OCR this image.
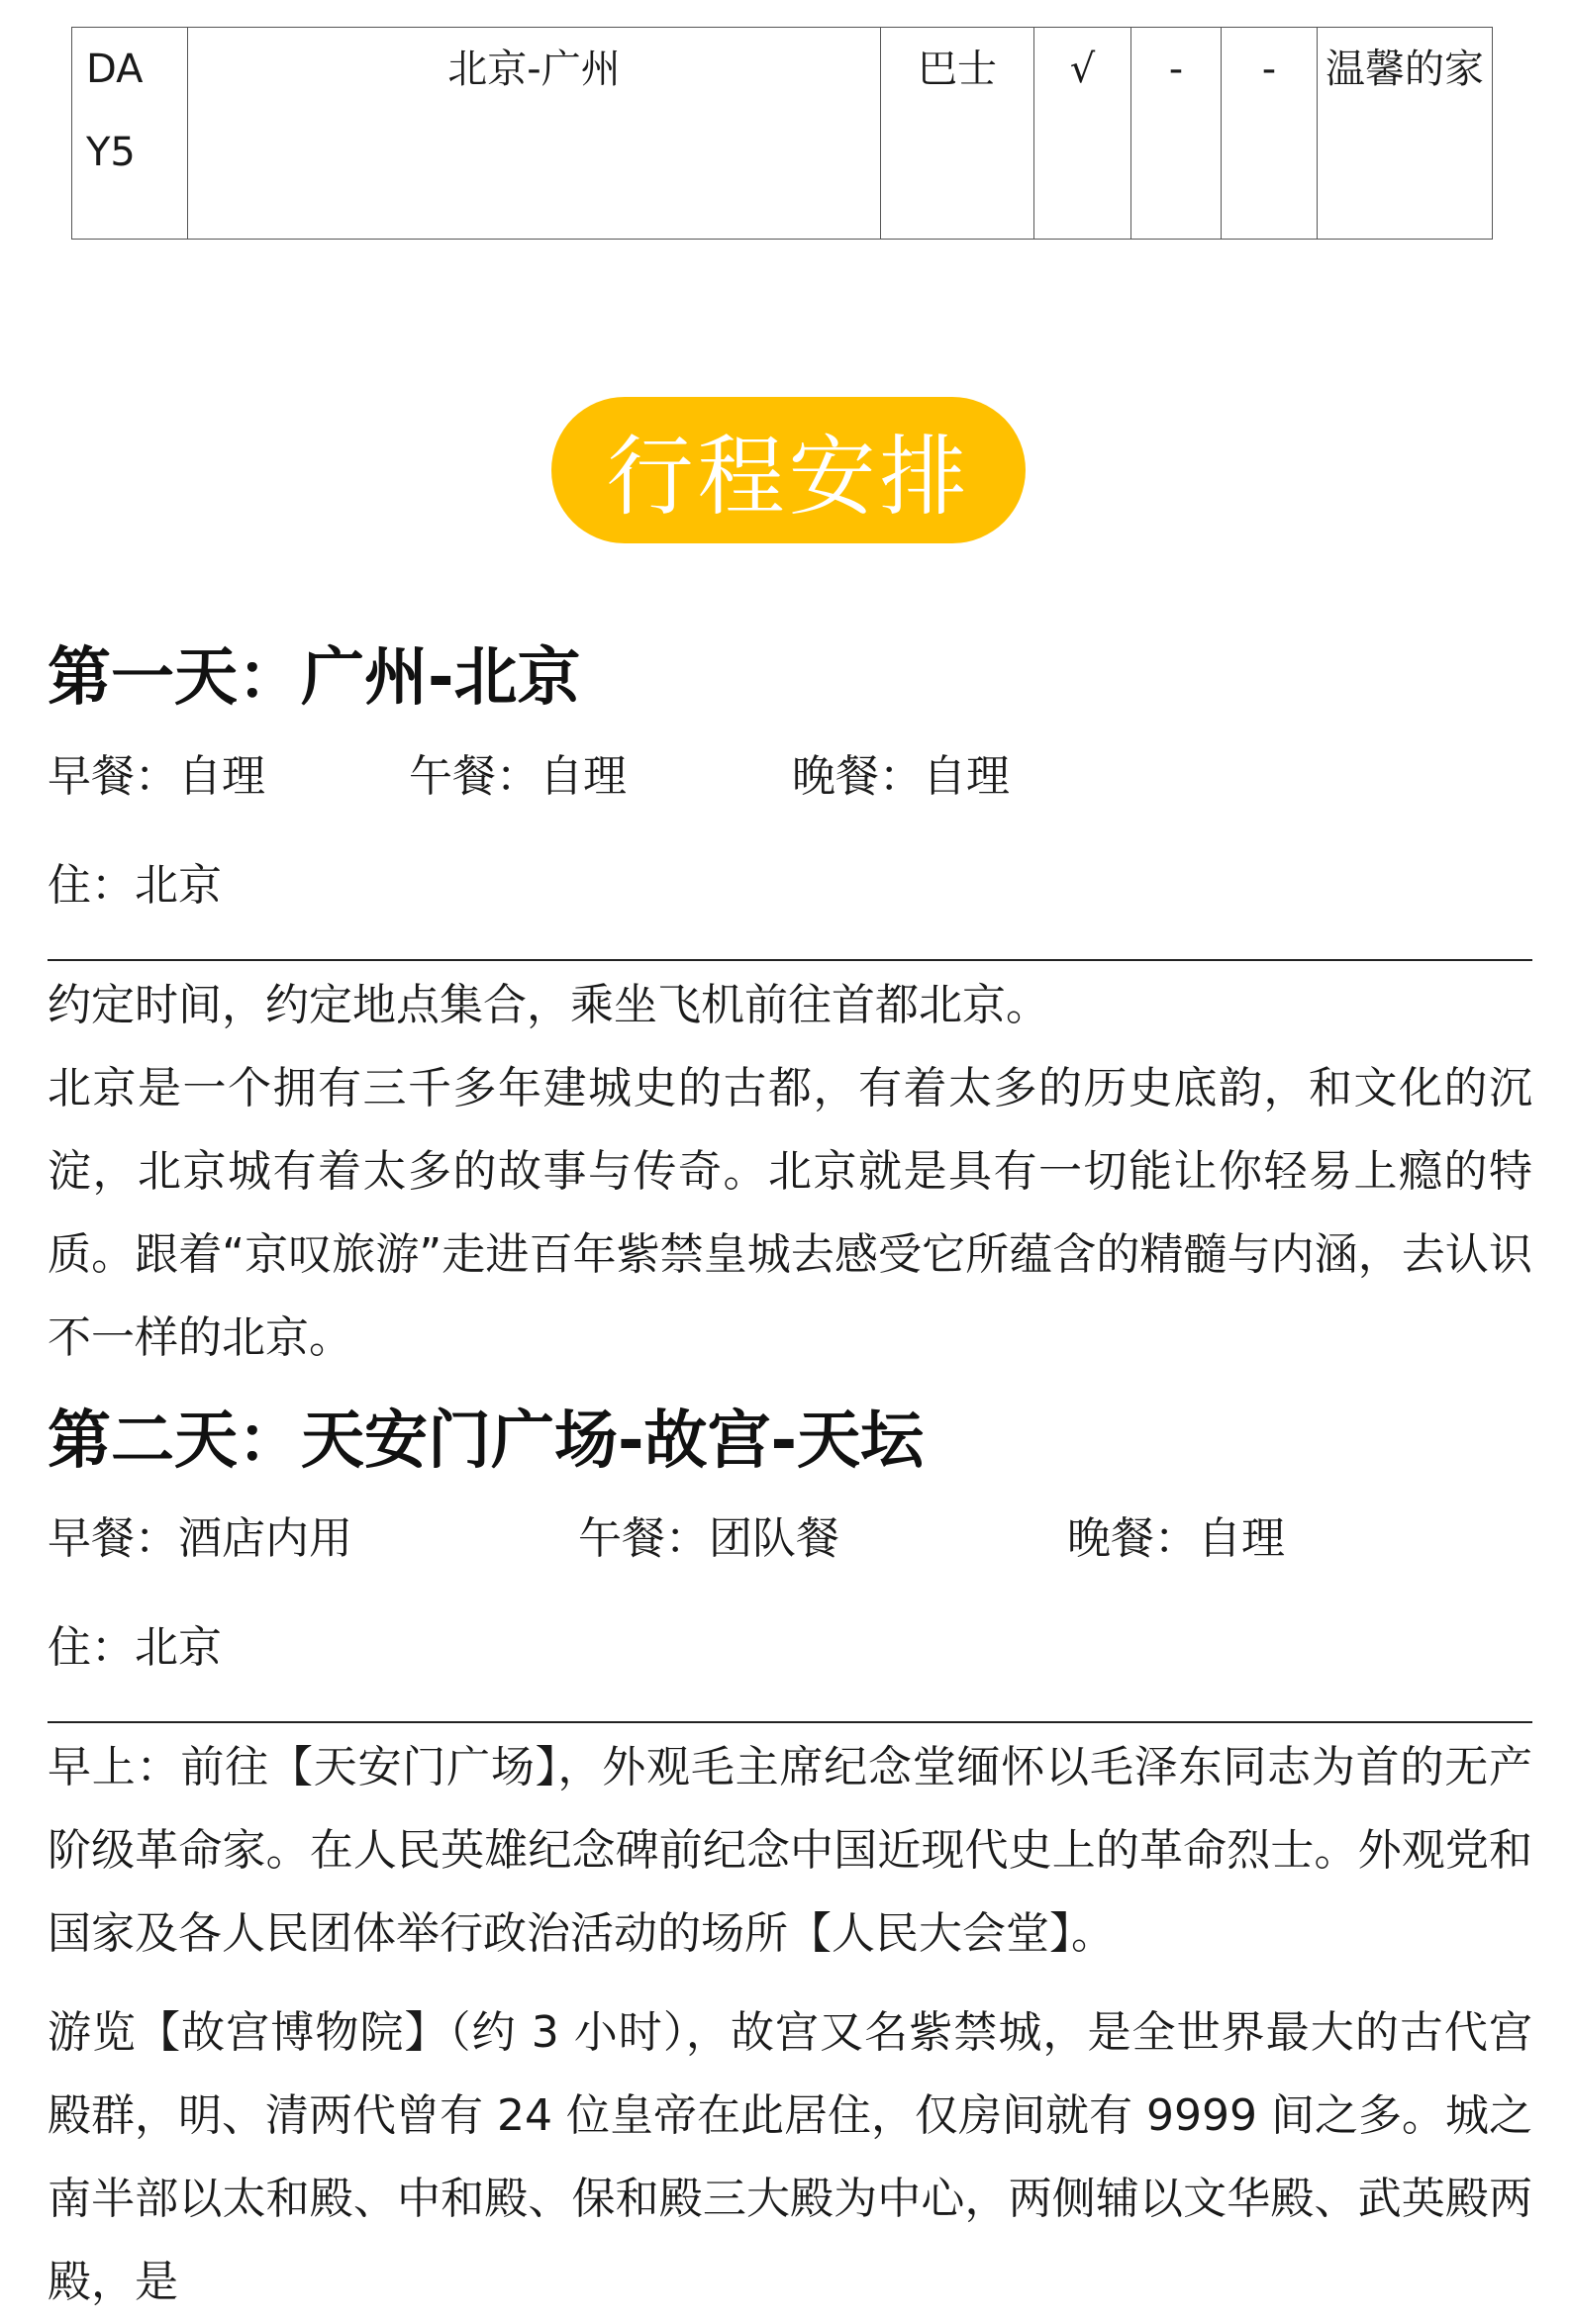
DA
Y5	北京-广州	巴士	√	-	-	温馨的家
行程安排
第一天：广州-北京
早餐：自理	午餐：自理	晚餐：自理
住：北京

约定时间，约定地点集合，乘坐飞机前往首都北京。

北京是一个拥有三千多年建城史的古都，有着太多的历史底韵，和文化的沉淀，北京城有着太多的故事与传奇。北京就是具有一切能让你轻易上瘾的特质。跟着“京叹旅游”走进百年紫禁皇城去感受它所蕴含的精髓与内涵，去认识不一样的北京。

第二天：天安门广场-故宫-天坛
早餐：酒店内用	午餐：团队餐	晚餐：自理
住：北京

早上：前往【天安门广场】，外观毛主席纪念堂缅怀以毛泽东同志为首的无产阶级革命家。在人民英雄纪念碑前纪念中国近现代史上的革命烈士。外观党和国家及各人民团体举行政治活动的场所【人民大会堂】。

游览【故宫博物院】（约 3 小时），故宫又名紫禁城，是全世界最大的古代宫殿群，明、清两代曾有 24 位皇帝在此居住，仅房间就有 9999 间之多。城之南半部以太和殿、中和殿、保和殿三大殿为中心，两侧辅以文华殿、武英殿两殿，是
